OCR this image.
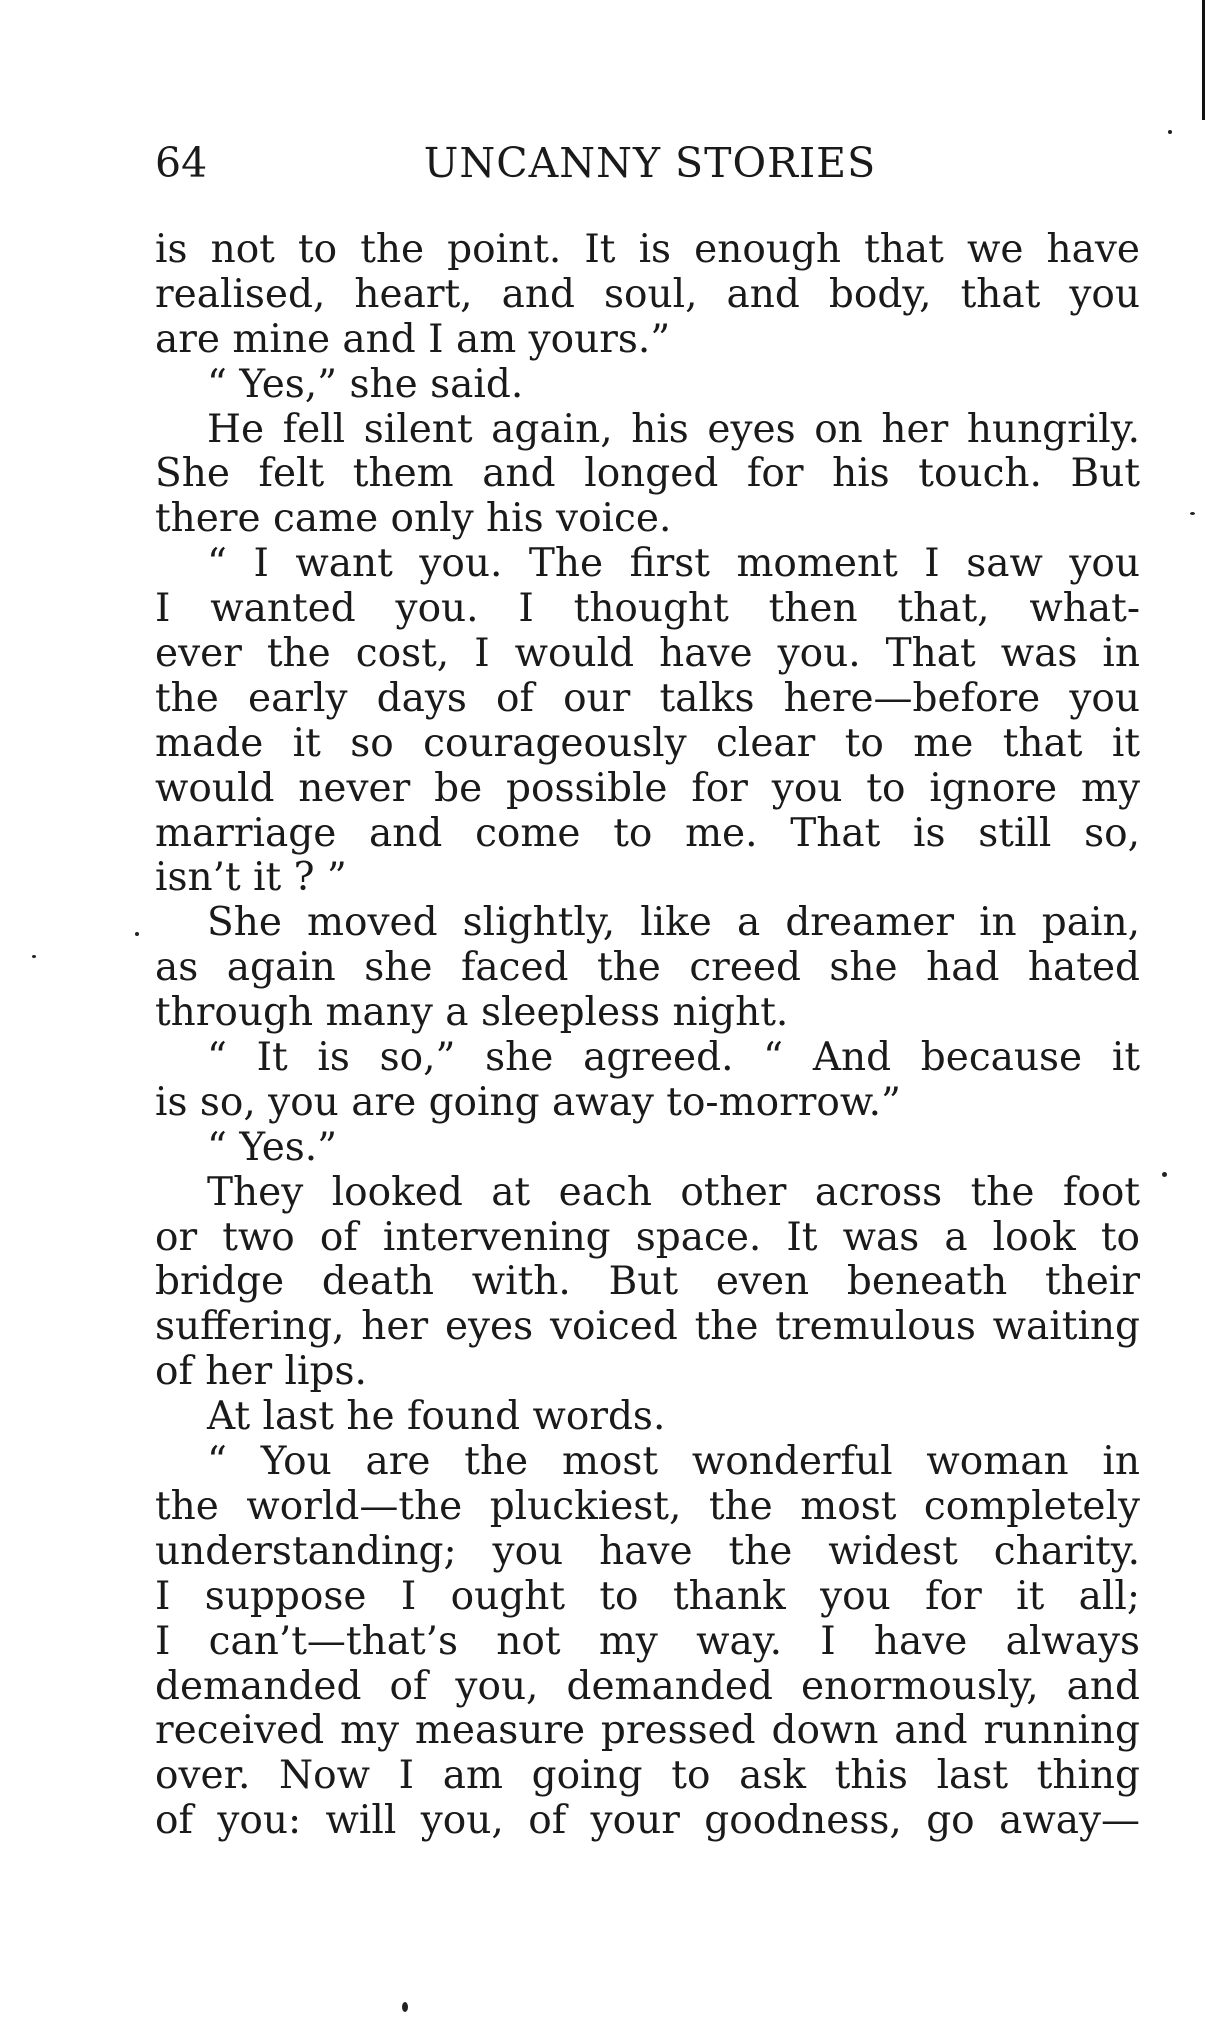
64	UNCANNY STORIES
is not to the point. It is enough that we have
realised, heart, and soul, and body, that you
are mine and I am yours.”
“ Yes,” she said.
He fell silent again, his eyes on her hungrily.
She felt them and longed for his touch. But
there came only his voice.
“ I want you. The first moment I saw you
I wanted you. I thought then that, what-
ever the cost, I would have you. That was in
the early days of our talks here—before you
made it so courageously clear to me that it
would never be possible for you to ignore my
marriage and come to me. That is still so,
isn’t it ? ”
She moved slightly, like a dreamer in pain,
as again she faced the creed she had hated
through many a sleepless night.
“ It is so,” she agreed. “ And because it
is so, you are going away to-morrow.”
“ Yes.”
They looked at each other across the foot
or two of intervening space. It was a look to
bridge death with. But even beneath their
suffering, her eyes voiced the tremulous waiting
of her lips.
At last he found words.
“ You are the most wonderful woman in
the world—the pluckiest, the most completely
understanding; you have the widest charity.
I suppose I ought to thank you for it all;
I can’t—that’s not my way. I have always
demanded of you, demanded enormously, and
received my measure pressed down and running
over. Now I am going to ask this last thing
of you: will you, of your goodness, go away—
